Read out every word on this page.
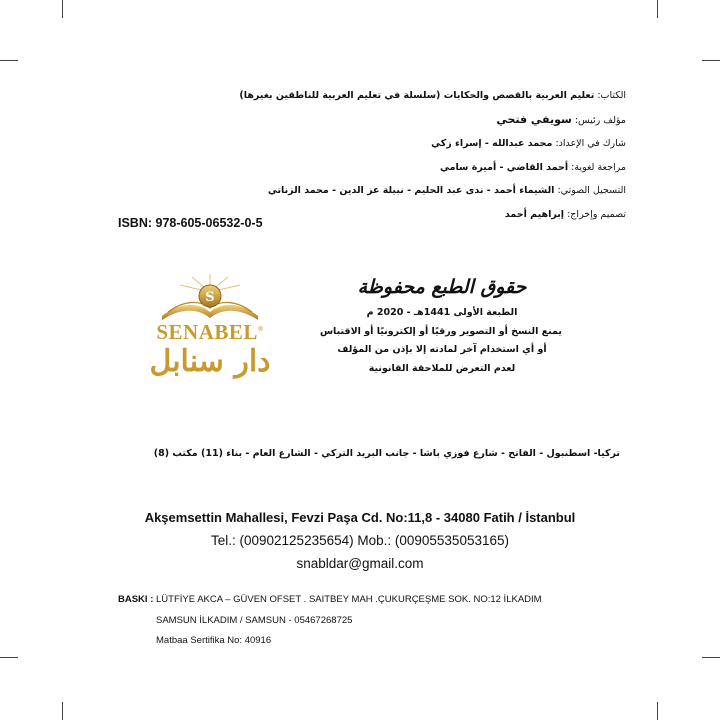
الكتاب: تعليم العربية بالقصص والحكايات (سلسلة في تعليم العربية للناطقين بغيرها)
مؤلف رئيس: سويفي فتحي
شارك في الإعداد: محمد عبدالله - إسراء زكي
مراجعة لغوية: أحمد القاضي - أميرة سامي
التسجيل الصوتي: الشيماء أحمد - ندى عبد الحليم - نبيلة عز الدين - محمد الزناتي
تصميم وإخراج: إبراهيم أحمد
ISBN: 978-605-06532-0-5
S
SENABEL®
دار سنابل
حقوق الطبع محفوظة
الطبعة الأولى 1441هـ - 2020 م
يمنع النسخ أو التصوير ورقيًا أو إلكترونيًا أو الاقتباس
أو أي استخدام آخر لمادته إلا بإذن من المؤلف
لعدم التعرض للملاحقة القانونية
تركيا- اسطنبول - الفاتح - شارع فوزي باشا - جانب البريد التركي - الشارع العام - بناء (11) مكتب (8)
Akşemsettin Mahallesi, Fevzi Paşa Cd. No:11,8 - 34080 Fatih / İstanbul
Tel.: (00902125235654) Mob.: (00905535053165)
snabldar@gmail.com
BASKI : LÜTFİYE AKCA – GÜVEN OFSET . SAITBEY MAH .ÇUKURÇEŞME SOK. NO:12 İLKADIM
SAMSUN İLKADIM / SAMSUN - 05467268725
Matbaa Sertifika No: 40916
